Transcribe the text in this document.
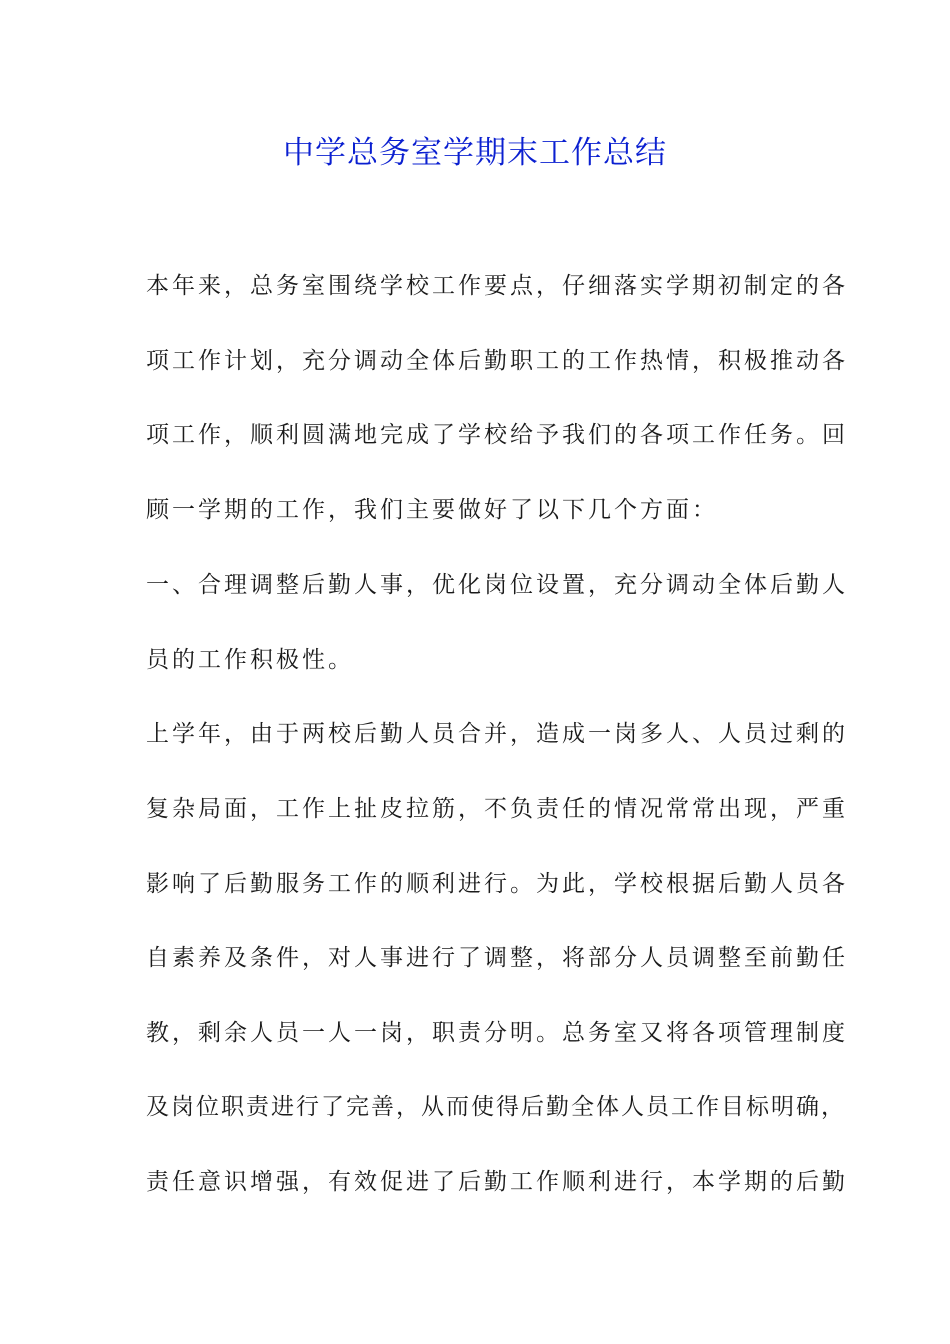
中学总务室学期末工作总结
本年来，总务室围绕学校工作要点，仔细落实学期初制定的各
项工作计划，充分调动全体后勤职工的工作热情，积极推动各
项工作，顺利圆满地完成了学校给予我们的各项工作任务。回
顾一学期的工作，我们主要做好了以下几个方面：
一、合理调整后勤人事，优化岗位设置，充分调动全体后勤人
员的工作积极性。
上学年，由于两校后勤人员合并，造成一岗多人、人员过剩的
复杂局面，工作上扯皮拉筋，不负责任的情况常常出现，严重
影响了后勤服务工作的顺利进行。为此，学校根据后勤人员各
自素养及条件，对人事进行了调整，将部分人员调整至前勤任
教，剩余人员一人一岗，职责分明。总务室又将各项管理制度
及岗位职责进行了完善，从而使得后勤全体人员工作目标明确，
责任意识增强，有效促进了后勤工作顺利进行，本学期的后勤
